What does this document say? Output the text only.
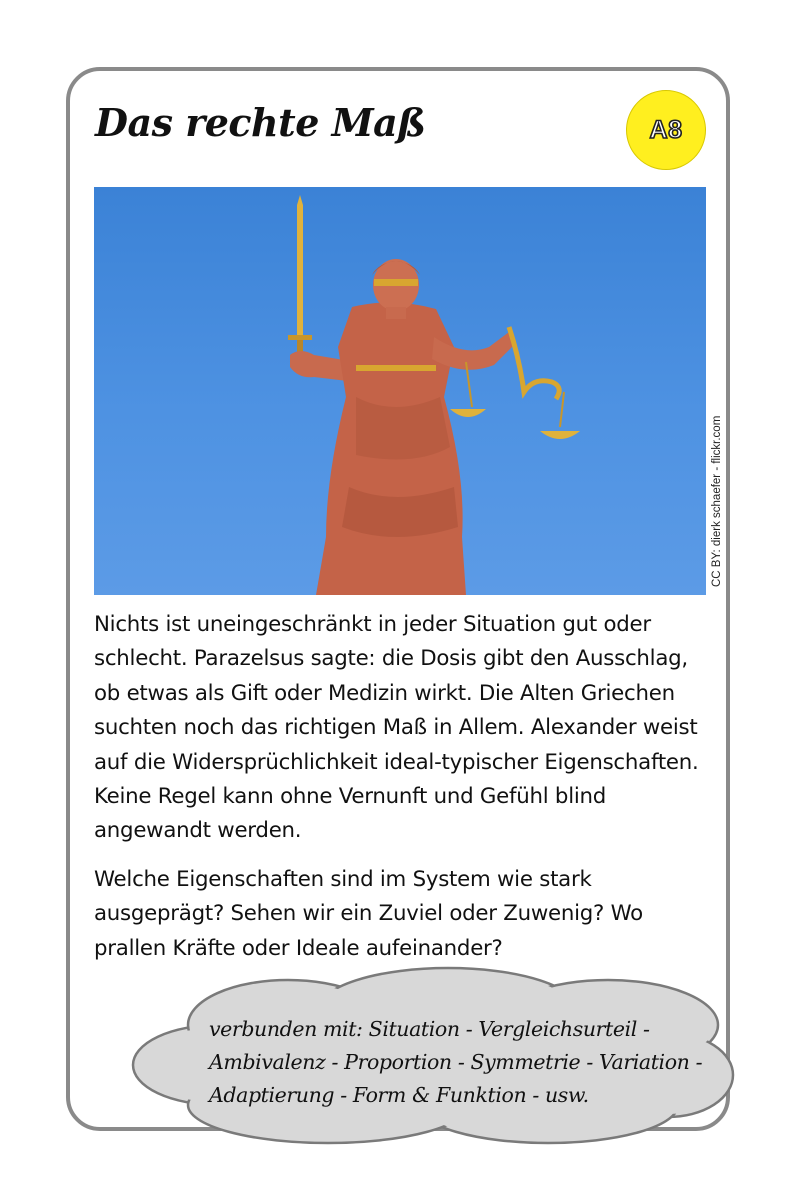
Das rechte Maß	A8
CC BY: dierk schaefer - flickr.com

Nichts ist uneingeschränkt in jeder Situation gut oder schlecht. Parazelsus sagte: die Dosis gibt den Ausschlag, ob etwas als Gift oder Medizin wirkt. Die Alten Griechen suchten noch das richtigen Maß in Allem. Alexander weist auf die Widersprüchlichkeit ideal-typischer Eigenschaften. Keine Regel kann ohne Vernunft und Gefühl blind angewandt werden.

Welche Eigenschaften sind im System wie stark ausgeprägt? Sehen wir ein Zuviel oder Zuwenig? Wo prallen Kräfte oder Ideale aufeinander?

verbunden mit: Situation - Vergleichsurteil - Ambivalenz - Proportion - Symmetrie - Variation - Adaptierung - Form & Funktion - usw.
